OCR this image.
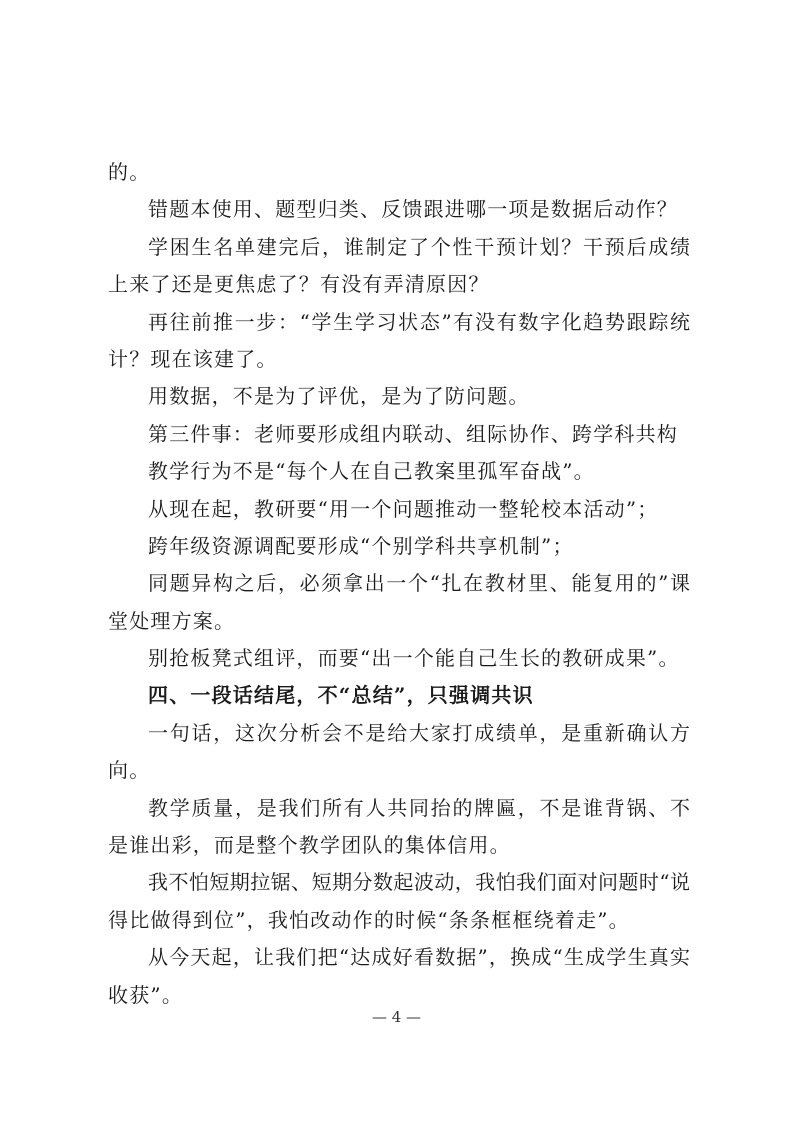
的。
错题本使用、题型归类、反馈跟进哪一项是数据后动作？
学困生名单建完后，谁制定了个性干预计划？干预后成绩
上来了还是更焦虑了？有没有弄清原因？
再往前推一步：“学生学习状态”有没有数字化趋势跟踪统
计？现在该建了。
用数据，不是为了评优，是为了防问题。
第三件事：老师要形成组内联动、组际协作、跨学科共构
教学行为不是“每个人在自己教案里孤军奋战”。
从现在起，教研要“用一个问题推动一整轮校本活动”；
跨年级资源调配要形成“个别学科共享机制”；
同题异构之后，必须拿出一个“扎在教材里、能复用的”课
堂处理方案。
别抢板凳式组评，而要“出一个能自己生长的教研成果”。
四、一段话结尾，不“总结”，只强调共识
一句话，这次分析会不是给大家打成绩单，是重新确认方
向。
教学质量，是我们所有人共同抬的牌匾，不是谁背锅、不
是谁出彩，而是整个教学团队的集体信用。
我不怕短期拉锯、短期分数起波动，我怕我们面对问题时“说
得比做得到位”，我怕改动作的时候“条条框框绕着走”。
从今天起，让我们把“达成好看数据”，换成“生成学生真实
收获”。
— 4 —
